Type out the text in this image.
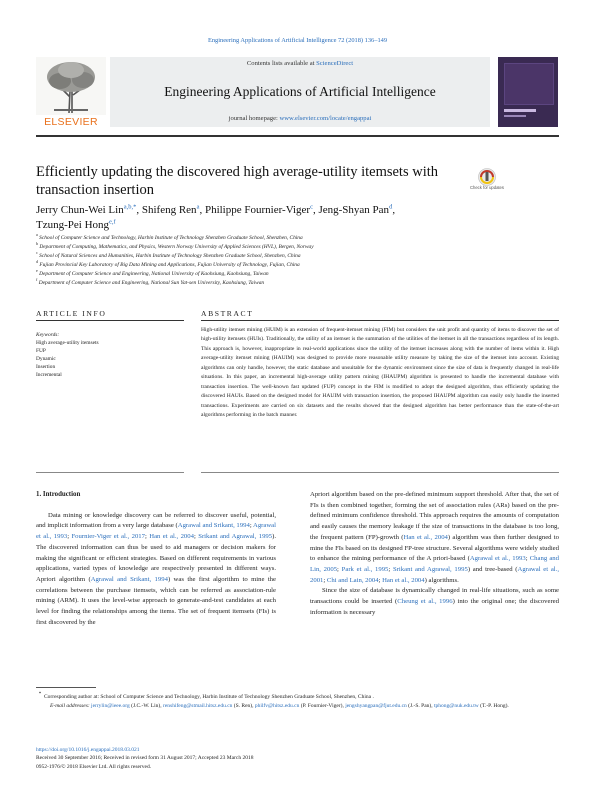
Engineering Applications of Artificial Intelligence 72 (2018) 136–149
ELSEVIER
Contents lists available at ScienceDirect
Engineering Applications of Artificial Intelligence
journal homepage: www.elsevier.com/locate/engappai
Efficiently updating the discovered high average-utility itemsets with transaction insertion	Check for updates
Jerry Chun-Wei Lin$^{a,b,*}$, Shifeng Ren$^a$, Philippe Fournier-Viger$^c$, Jeng-Shyan Pan$^d$,
Tzung-Pei Hong$^{e,f}$
$^a$ School of Computer Science and Technology, Harbin Institute of Technology Shenzhen Graduate School, Shenzhen, China
$^b$ Department of Computing, Mathematics, and Physics, Western Norway University of Applied Sciences (HVL), Bergen, Norway
$^c$ School of Natural Sciences and Humanities, Harbin Institute of Technology Shenzhen Graduate School, Shenzhen, China
$^d$ Fujian Provincial Key Laboratory of Big Data Mining and Applications, Fujian University of Technology, Fujian, China
$^e$ Department of Computer Science and Engineering, National University of Kaohsiung, Kaohsiung, Taiwan
$^f$ Department of Computer Science and Engineering, National Sun Yat-sen University, Kaohsiung, Taiwan
ARTICLE INFO	ABSTRACT
Keywords:
High average-utility itemsets
FUP
Dynamic
Insertion
Incremental
High-utility itemset mining (HUIM) is an extension of frequent-itemset mining (FIM) but considers the unit profit and quantity of items to discover the set of high-utility itemsets (HUIs). Traditionally, the utility of an itemset is the summation of the utilities of the itemset in all the transactions regardless of its length. This approach is, however, inappropriate in real-world applications since the utility of the itemset increases along with the number of items within it. High average-utility itemset mining (HAUIM) was designed to provide more reasonable utility measure by taking the size of the itemset into account. Existing algorithms can only handle, however, the static database and unsuitable for the dynamic environment since the size of data is frequently changed in real-life situations. In this paper, an incremental high-average utility pattern mining (IHAUPM) algorithm is presented to handle the incremental database with transaction insertion. The well-known fast updated (FUP) concept in the FIM is modified to adopt the designed algorithm, thus efficiently updating the discovered HAUIs. Based on the designed model for HAUIM with transaction insertion, the proposed IHAUPM algorithm can easily only handle the inserted transactions. Experiments are carried on six datasets and the results showed that the designed algorithm has better performance than the state-of-the-art algorithms performing in the batch manner.
1. Introduction

Data mining or knowledge discovery can be referred to discover useful, potential, and implicit information from a very large database (Agrawal and Srikant, 1994; Agrawal et al., 1993; Fournier-Viger et al., 2017; Han et al., 2004; Srikant and Agrawal, 1995). The discovered information can thus be used to aid managers or decision makers for making the significant or efficient strategies. Based on different requirements in various applications, varied types of knowledge are respectively presented in different ways. Apriori algorithm (Agrawal and Srikant, 1994) was the first algorithm to mine the correlations between the purchase itemsets, which can be referred as association-rule mining (ARM). It uses the level-wise approach to generate-and-test candidates at each level for finding the relationships among the items. The set of frequent itemsets (FIs) is first discovered by the

Apriori algorithm based on the pre-defined minimum support threshold. After that, the set of FIs is then combined together, forming the set of association rules (ARs) based on the pre-defined minimum confidence threshold. This approach requires the amounts of computation and easily causes the memory leakage if the size of transactions in the database is too long, the frequent pattern (FP)-growth (Han et al., 2004) algorithm was then further designed to mine the FIs based on its designed FP-tree structure. Several algorithms were widely studied to enhance the mining performance of the A priori-based (Agrawal et al., 1993; Chang and Lin, 2005; Park et al., 1995; Srikant and Agrawal, 1995) and tree-based (Agrawal et al., 2001; Chi and Lain, 2004; Han et al., 2004) algorithms.

Since the size of database is dynamically changed in real-life situations, such as some transactions could be inserted (Cheung et al., 1996) into the original one; the discovered information is necessary

* Corresponding author at: School of Computer Science and Technology, Harbin Institute of Technology Shenzhen Graduate School, Shenzhen, China .
E-mail addresses: jerrylin@ieee.org (J.C.-W. Lin), renshifeng@stmail.hitsz.edu.cn (S. Ren), philfv@hitsz.edu.cn (P. Fournier-Viger), jengshyangpan@fjut.edu.cn (J.-S. Pan), tphong@nuk.edu.tw (T.-P. Hong).
https://doi.org/10.1016/j.engappai.2018.03.021
Received 30 September 2016; Received in revised form 31 August 2017; Accepted 23 March 2018
0952-1976/© 2018 Elsevier Ltd. All rights reserved.
